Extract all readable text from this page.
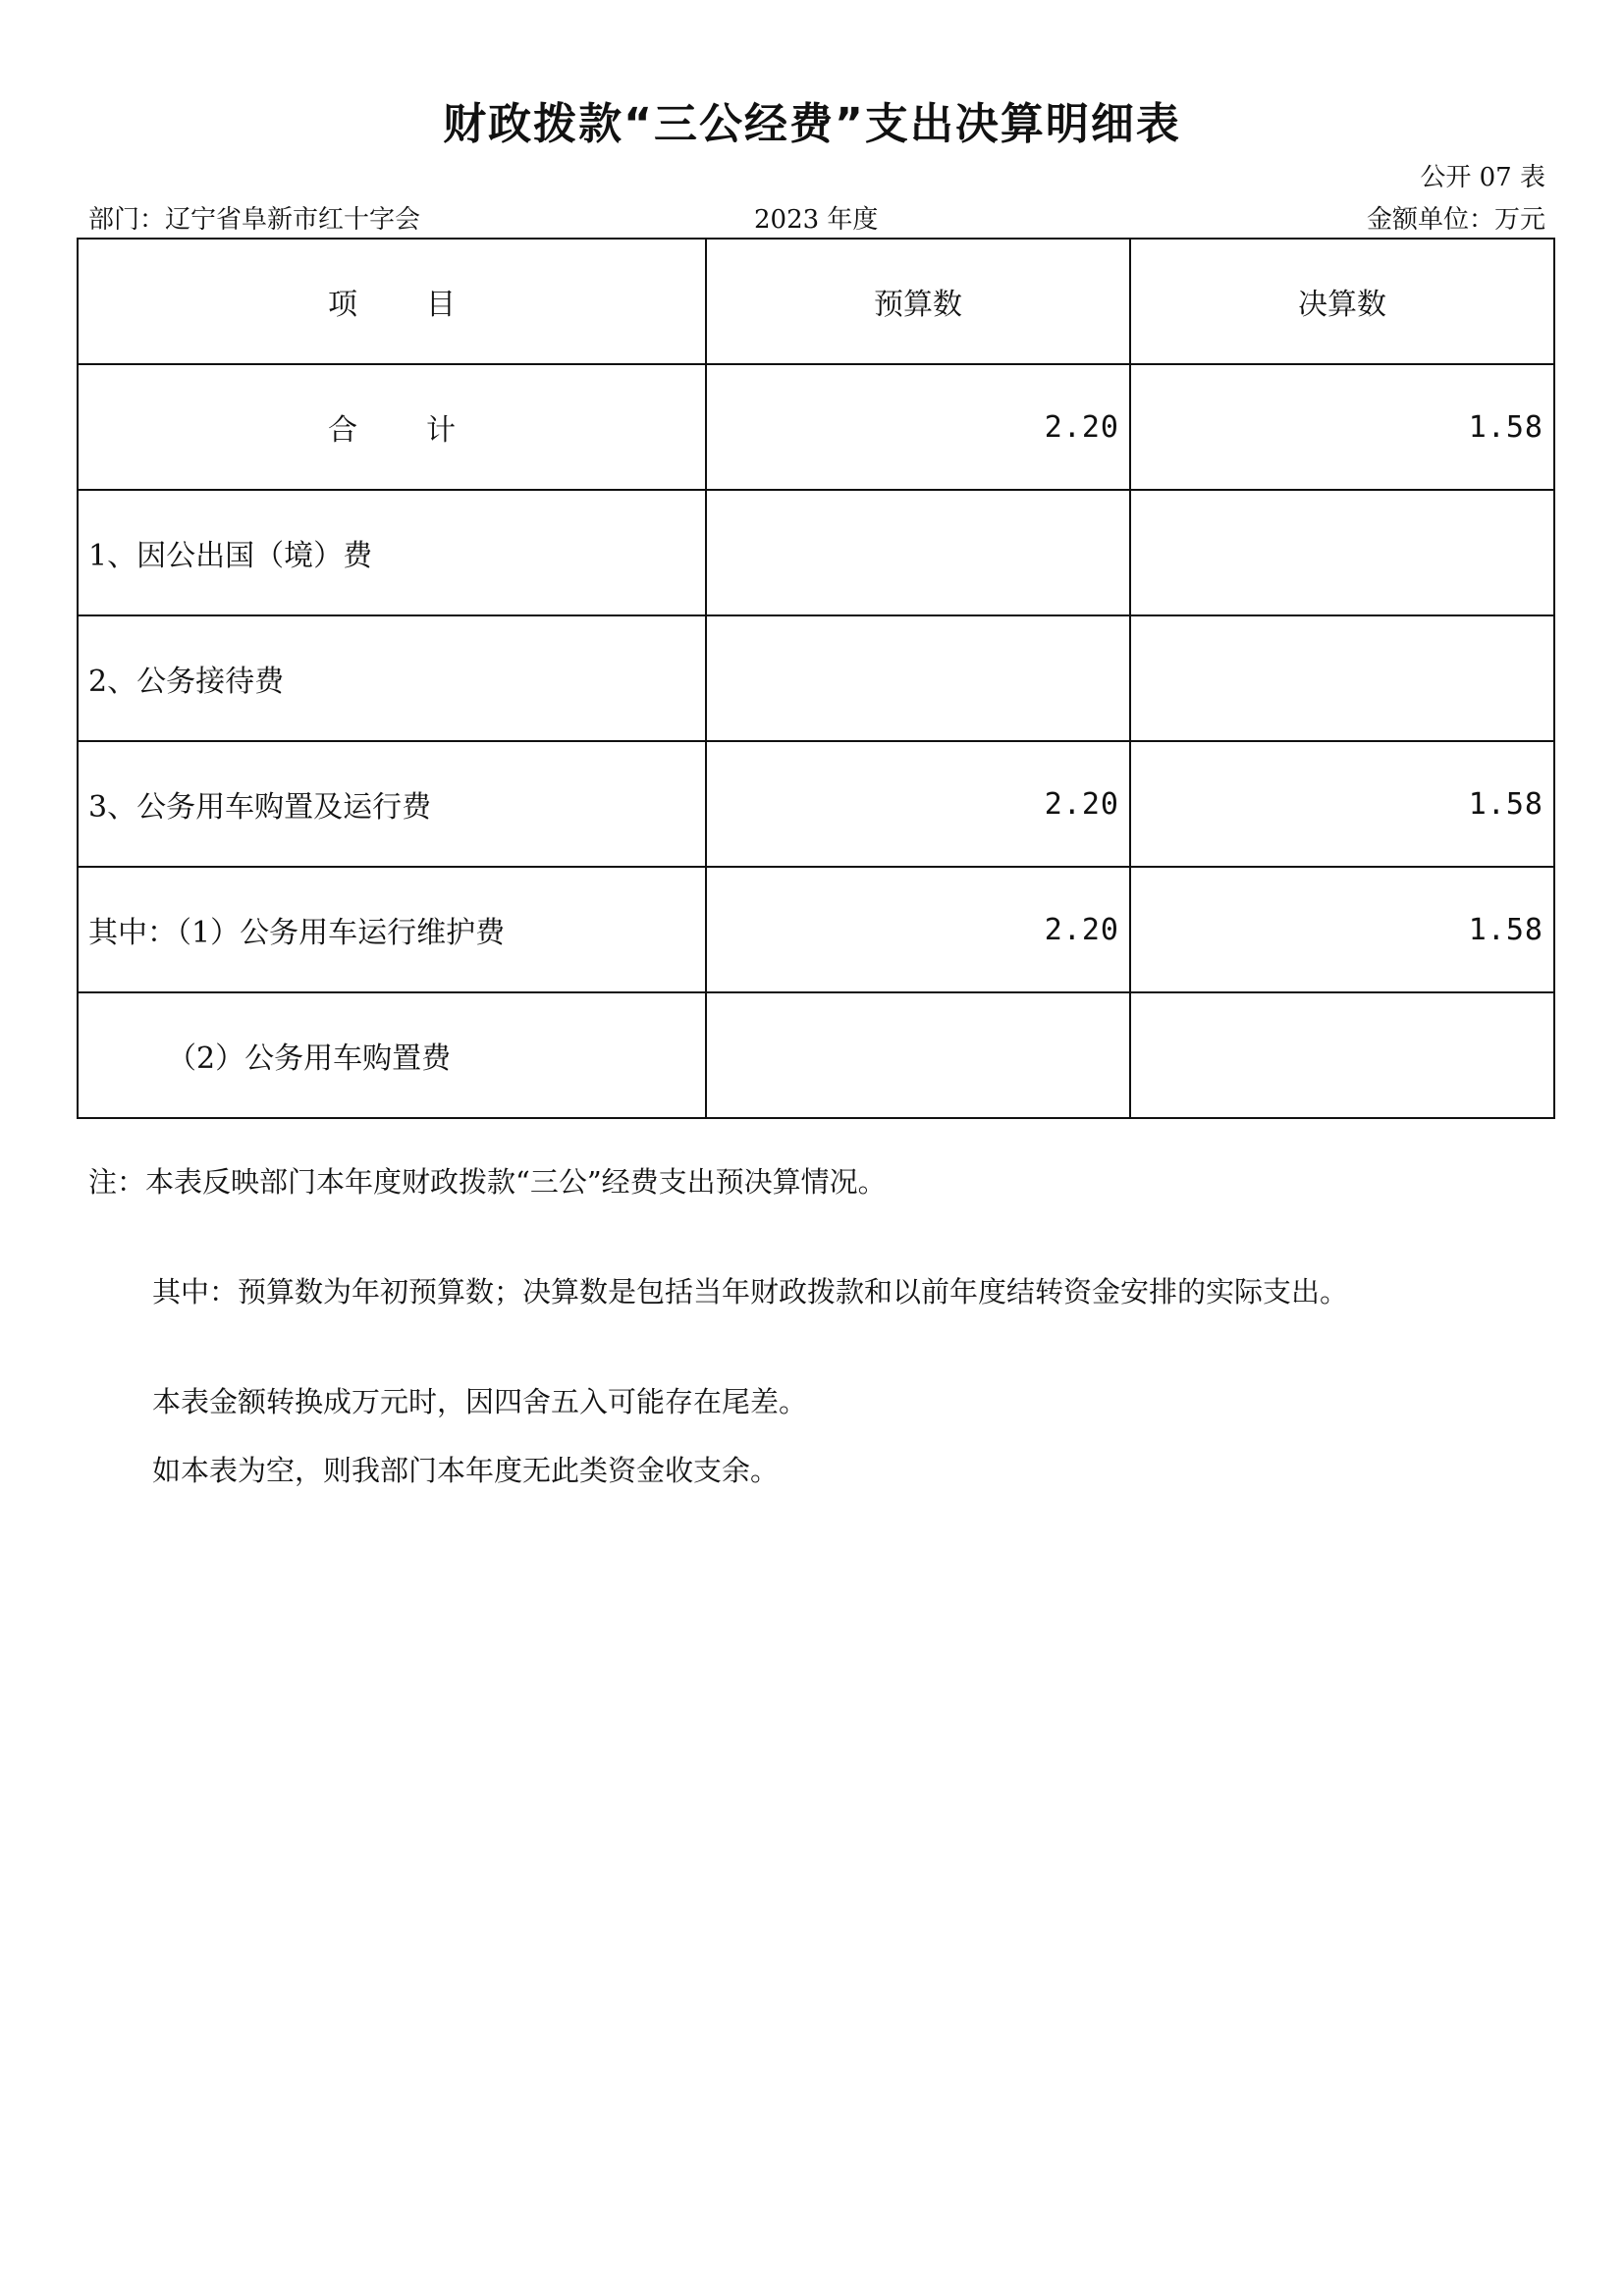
财政拨款“三公经费”支出决算明细表
公开 07 表
部门：辽宁省阜新市红十字会	2023 年度	金额单位：万元
项 目	预算数	决算数
合 计	2.20	1.58
1、因公出国（境）费		
2、公务接待费		
3、公务用车购置及运行费	2.20	1.58
其中：（1）公务用车运行维护费	2.20	1.58
（2）公务用车购置费		
注：本表反映部门本年度财政拨款“三公”经费支出预决算情况。
其中：预算数为年初预算数；决算数是包括当年财政拨款和以前年度结转资金安排的实际支出。
本表金额转换成万元时，因四舍五入可能存在尾差。
如本表为空，则我部门本年度无此类资金收支余。
